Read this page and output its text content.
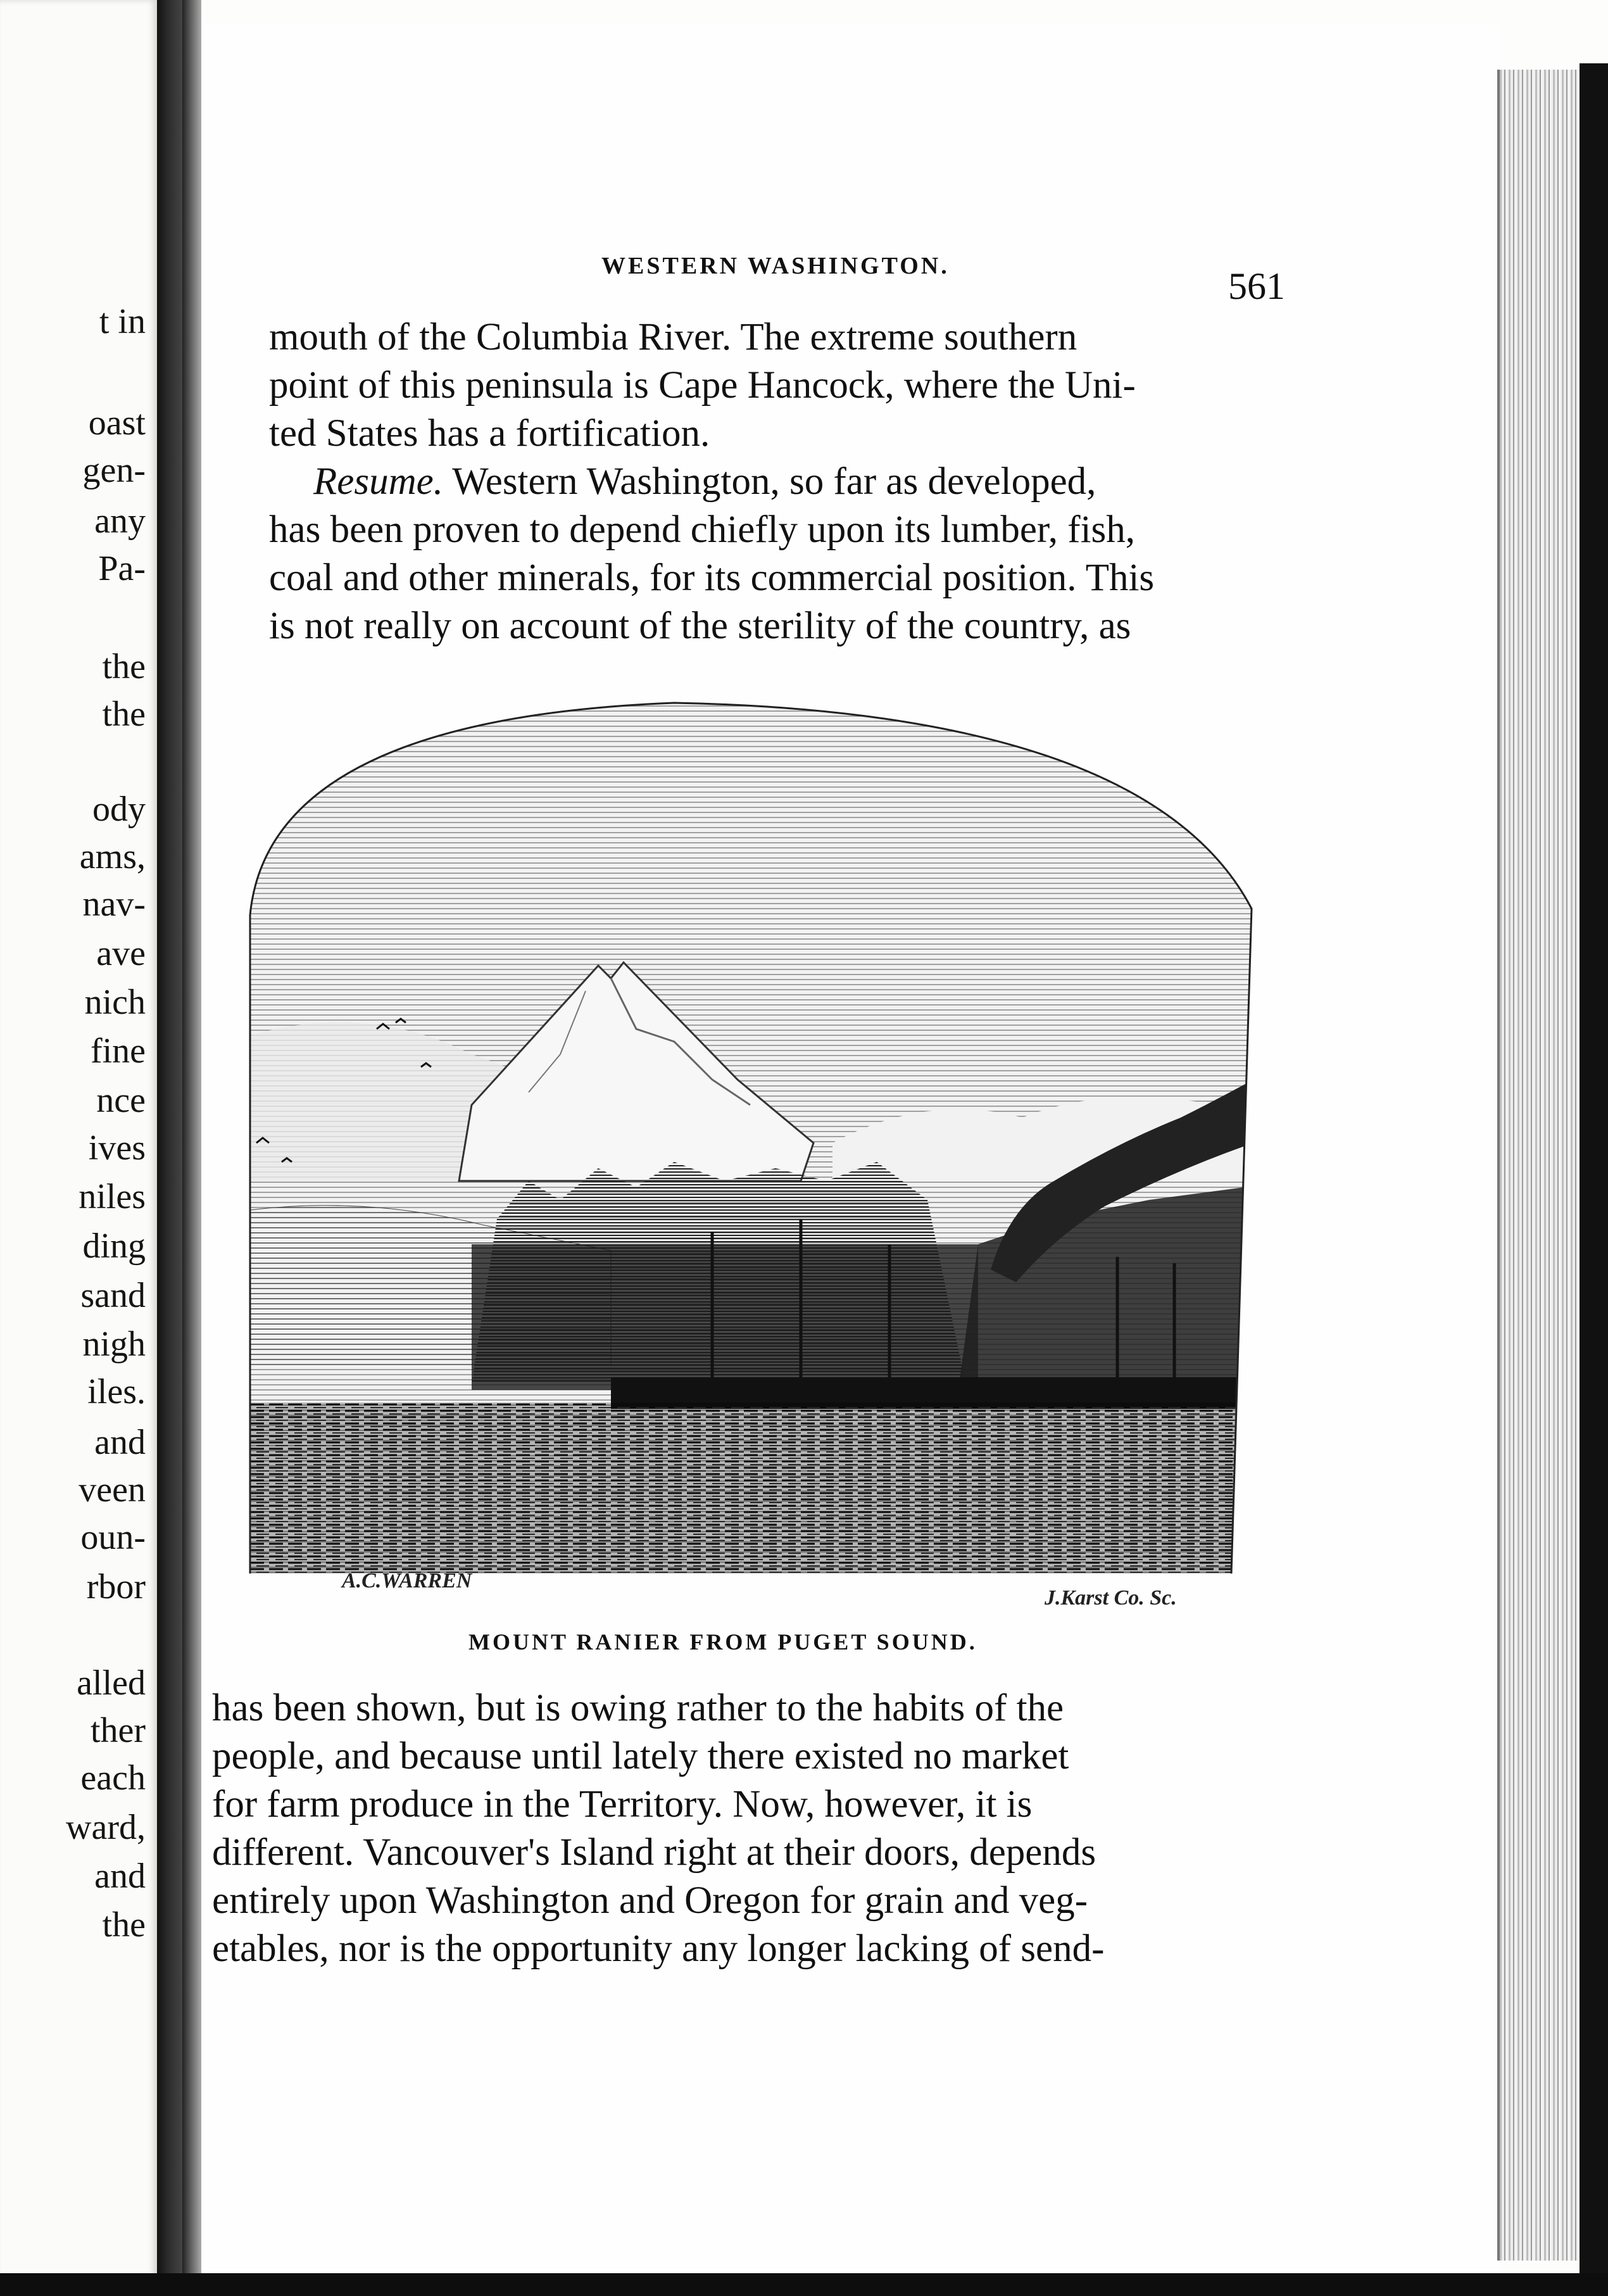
t in
oast
gen-
any
Pa-
the
the
ody
ams,
nav-
ave
nich
fine
nce
ives
niles
ding
sand
nigh
iles.
and
veen
oun-
rbor
alled
ther
each
ward,
and
the
WESTERN WASHINGTON.	561
mouth of the Columbia River. The extreme southern
point of this peninsula is Cape Hancock, where the Uni-
ted States has a fortification.
Resume. Western Washington, so far as developed,
has been proven to depend chiefly upon its lumber, fish,
coal and other minerals, for its commercial position. This
is not really on account of the sterility of the country, as
A.C.WARREN
J.Karst Co. Sc.
MOUNT RANIER FROM PUGET SOUND.
has been shown, but is owing rather to the habits of the
people, and because until lately there existed no market
for farm produce in the Territory. Now, however, it is
different. Vancouver's Island right at their doors, depends
entirely upon Washington and Oregon for grain and veg-
etables, nor is the opportunity any longer lacking of send-
